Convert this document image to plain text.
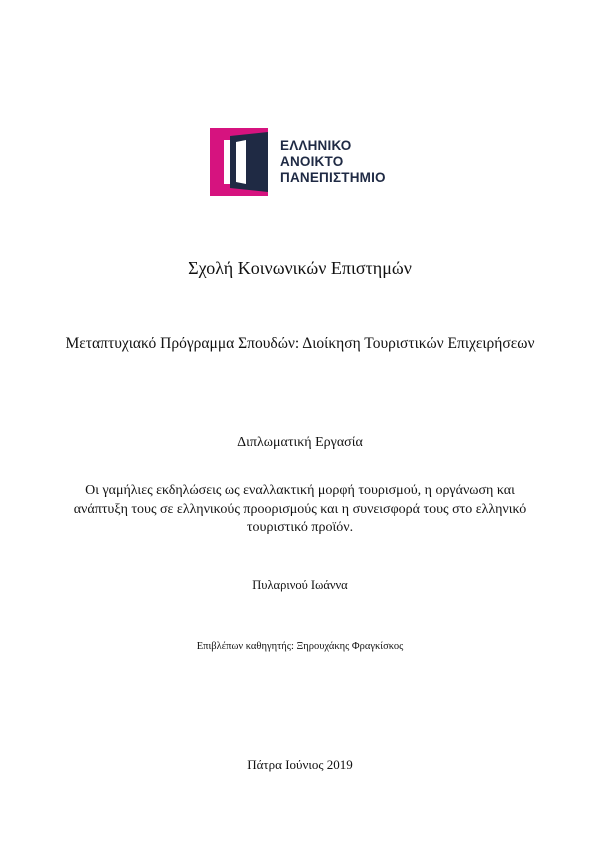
ΕΛΛΗΝΙΚΟ
ΑΝΟΙΚΤΟ
ΠΑΝΕΠΙΣΤΗΜΙΟ
Σχολή Κοινωνικών Επιστημών
Μεταπτυχιακό Πρόγραμμα Σπουδών: Διοίκηση Τουριστικών Επιχειρήσεων
Διπλωματική Εργασία
Οι γαμήλιες εκδηλώσεις ως εναλλακτική μορφή τουρισμού, η οργάνωση και ανάπτυξη τους σε ελληνικούς προορισμούς και η συνεισφορά τους στο ελληνικό τουριστικό προϊόν.
Πυλαρινού Ιωάννα
Επιβλέπων καθηγητής: Ξηρουχάκης Φραγκίσκος
Πάτρα Ιούνιος 2019
